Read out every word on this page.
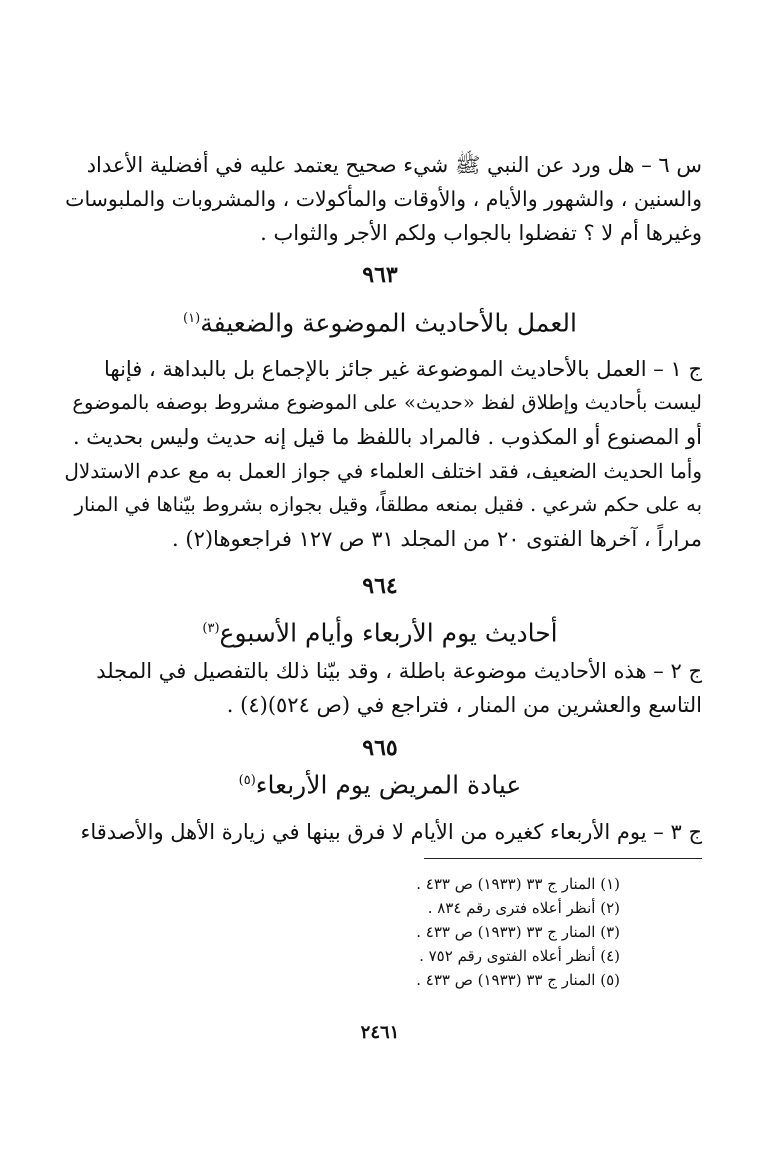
س ٦ – هل ورد عن النبي ﷺ شيء صحيح يعتمد عليه في أفضلية الأعداد
والسنين ، والشهور والأيام ، والأوقات والمأكولات ، والمشروبات والملبوسات
وغيرها أم لا ؟ تفضلوا بالجواب ولكم الأجر والثواب .
٩٦٣
العمل بالأحاديث الموضوعة والضعيفة$^{(١)}$
ج ١ – العمل بالأحاديث الموضوعة غير جائز بالإجماع بل بالبداهة ، فإنها
ليست بأحاديث وإطلاق لفظ «حديث» على الموضوع مشروط بوصفه بالموضوع
أو المصنوع أو المكذوب . فالمراد باللفظ ما قيل إنه حديث وليس بحديث .
وأما الحديث الضعيف، فقد اختلف العلماء في جواز العمل به مع عدم الاستدلال
به على حكم شرعي . فقيل بمنعه مطلقاً، وقيل بجوازه بشروط بيّناها في المنار
مراراً ، آخرها الفتوى ٢٠ من المجلد ٣١ ص ١٢٧ فراجعوها(٢) .
٩٦٤
أحاديث يوم الأربعاء وأيام الأسبوع$^{(٣)}$
ج ٢ – هذه الأحاديث موضوعة باطلة ، وقد بيّنا ذلك بالتفصيل في المجلد
التاسع والعشرين من المنار ، فتراجع في (ص ٥٢٤)(٤) .
٩٦٥
عيادة المريض يوم الأربعاء$^{(٥)}$
ج ٣ – يوم الأربعاء كغيره من الأيام لا فرق بينها في زيارة الأهل والأصدقاء
(١) المنار ج ٣٣ (١٩٣٣) ص ٤٣٣ .
(٢) أنظر أعلاه فترى رقم ٨٣٤ .
(٣) المنار ج ٣٣ (١٩٣٣) ص ٤٣٣ .
(٤) أنظر أعلاه الفتوى رقم ٧٥٢ .
(٥) المنار ج ٣٣ (١٩٣٣) ص ٤٣٣ .
٢٤٦١
